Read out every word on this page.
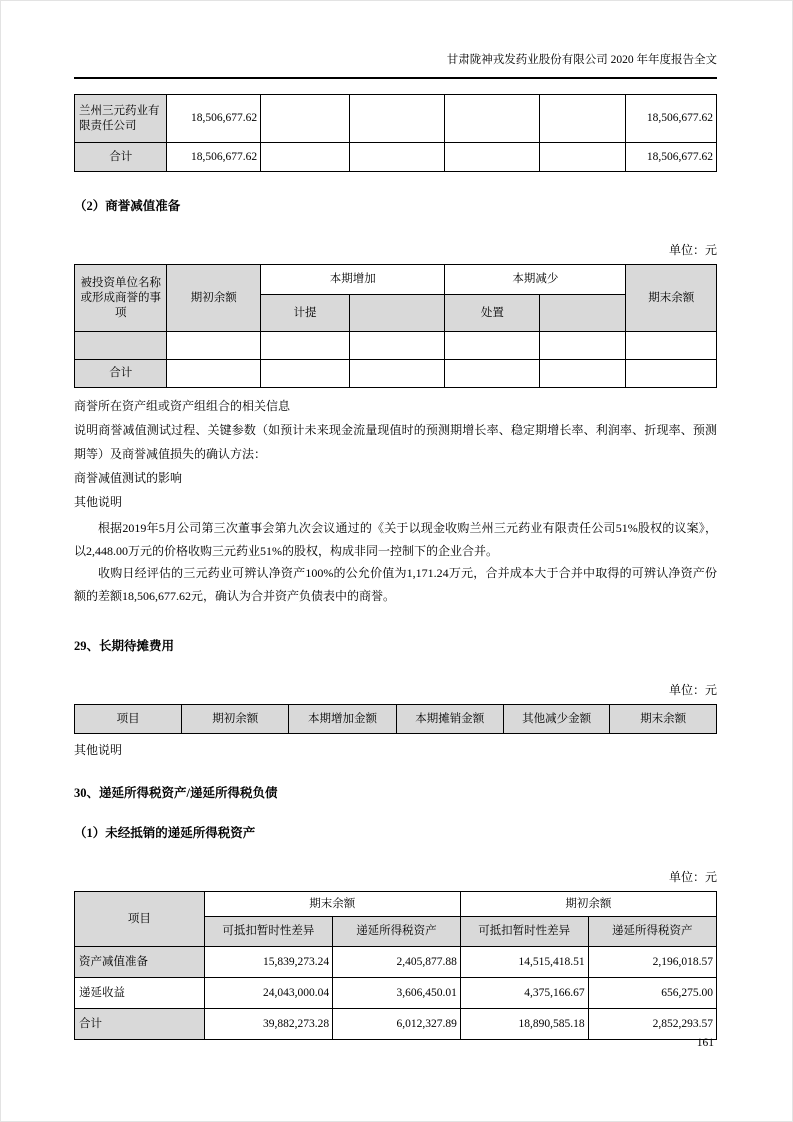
甘肃陇神戎发药业股份有限公司 2020 年年度报告全文
兰州三元药业有限责任公司	18,506,677.62					18,506,677.62
合计	18,506,677.62					18,506,677.62
（2）商誉减值准备
单位：元
被投资单位名称或形成商誉的事项	期初余额	本期增加		本期减少		期末余额
		计提		处置		

合计						

商誉所在资产组或资产组组合的相关信息

说明商誉减值测试过程、关键参数（如预计未来现金流量现值时的预测期增长率、稳定期增长率、利润率、折现率、预测期等）及商誉减值损失的确认方法：

商誉减值测试的影响

其他说明

根据2019年5月公司第三次董事会第九次会议通过的《关于以现金收购兰州三元药业有限责任公司51%股权的议案》，以2,448.00万元的价格收购三元药业51%的股权，构成非同一控制下的企业合并。

收购日经评估的三元药业可辨认净资产100%的公允价值为1,171.24万元，合并成本大于合并中取得的可辨认净资产份额的差额18,506,677.62元，确认为合并资产负债表中的商誉。

29、长期待摊费用
单位：元
项目	期初余额	本期增加金额	本期摊销金额	其他减少金额	期末余额

其他说明

30、递延所得税资产/递延所得税负债
（1）未经抵销的递延所得税资产
单位：元
项目	期末余额		期初余额	
	可抵扣暂时性差异	递延所得税资产	可抵扣暂时性差异	递延所得税资产
资产减值准备	15,839,273.24	2,405,877.88	14,515,418.51	2,196,018.57
递延收益	24,043,000.04	3,606,450.01	4,375,166.67	656,275.00
合计	39,882,273.28	6,012,327.89	18,890,585.18	2,852,293.57
161
